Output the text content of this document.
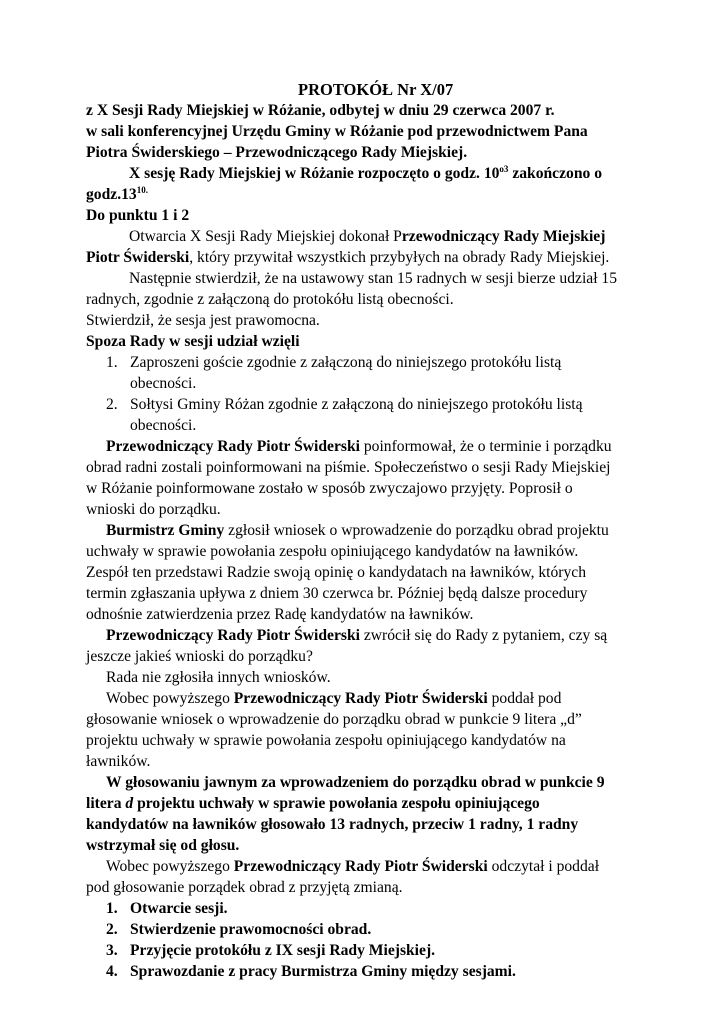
PROTOKÓŁ Nr X/07
z X Sesji Rady Miejskiej w Różanie, odbytej w dniu 29 czerwca 2007 r.
w sali konferencyjnej Urzędu Gminy w Różanie pod przewodnictwem Pana
Piotra Świderskiego – Przewodniczącego Rady Miejskiej.
X sesję Rady Miejskiej w Różanie rozpoczęto o godz. $10^{o3}$ zakończono o
$godz.13^{10.}$
Do punktu 1 i 2
Otwarcia X Sesji Rady Miejskiej dokonał Przewodniczący Rady Miejskiej
Piotr Świderski, który przywitał wszystkich przybyłych na obrady Rady Miejskiej.
Następnie stwierdził, że na ustawowy stan 15 radnych w sesji bierze udział 15
radnych, zgodnie z załączoną do protokółu listą obecności.
Stwierdził, że sesja jest prawomocna.
Spoza Rady w sesji udział wzięli
1. Zaproszeni goście zgodnie z załączoną do niniejszego protokółu listą
obecności.
2. Sołtysi Gminy Różan zgodnie z załączoną do niniejszego protokółu listą
obecności.
Przewodniczący Rady Piotr Świderski poinformował, że o terminie i porządku
obrad radni zostali poinformowani na piśmie. Społeczeństwo o sesji Rady Miejskiej
w Różanie poinformowane zostało w sposób zwyczajowo przyjęty. Poprosił o
wnioski do porządku.
Burmistrz Gminy zgłosił wniosek o wprowadzenie do porządku obrad projektu
uchwały w sprawie powołania zespołu opiniującego kandydatów na ławników.
Zespół ten przedstawi Radzie swoją opinię o kandydatach na ławników, których
termin zgłaszania upływa z dniem 30 czerwca br. Później będą dalsze procedury
odnośnie zatwierdzenia przez Radę kandydatów na ławników.
Przewodniczący Rady Piotr Świderski zwrócił się do Rady z pytaniem, czy są
jeszcze jakieś wnioski do porządku?
Rada nie zgłosiła innych wniosków.
Wobec powyższego Przewodniczący Rady Piotr Świderski poddał pod
głosowanie wniosek o wprowadzenie do porządku obrad w punkcie 9 litera „d”
projektu uchwały w sprawie powołania zespołu opiniującego kandydatów na
ławników.
W głosowaniu jawnym za wprowadzeniem do porządku obrad w punkcie 9
litera d projektu uchwały w sprawie powołania zespołu opiniującego
kandydatów na ławników głosowało 13 radnych, przeciw 1 radny, 1 radny
wstrzymał się od głosu.
Wobec powyższego Przewodniczący Rady Piotr Świderski odczytał i poddał
pod głosowanie porządek obrad z przyjętą zmianą.
1. Otwarcie sesji.
2. Stwierdzenie prawomocności obrad.
3. Przyjęcie protokółu z IX sesji Rady Miejskiej.
4. Sprawozdanie z pracy Burmistrza Gminy między sesjami.
